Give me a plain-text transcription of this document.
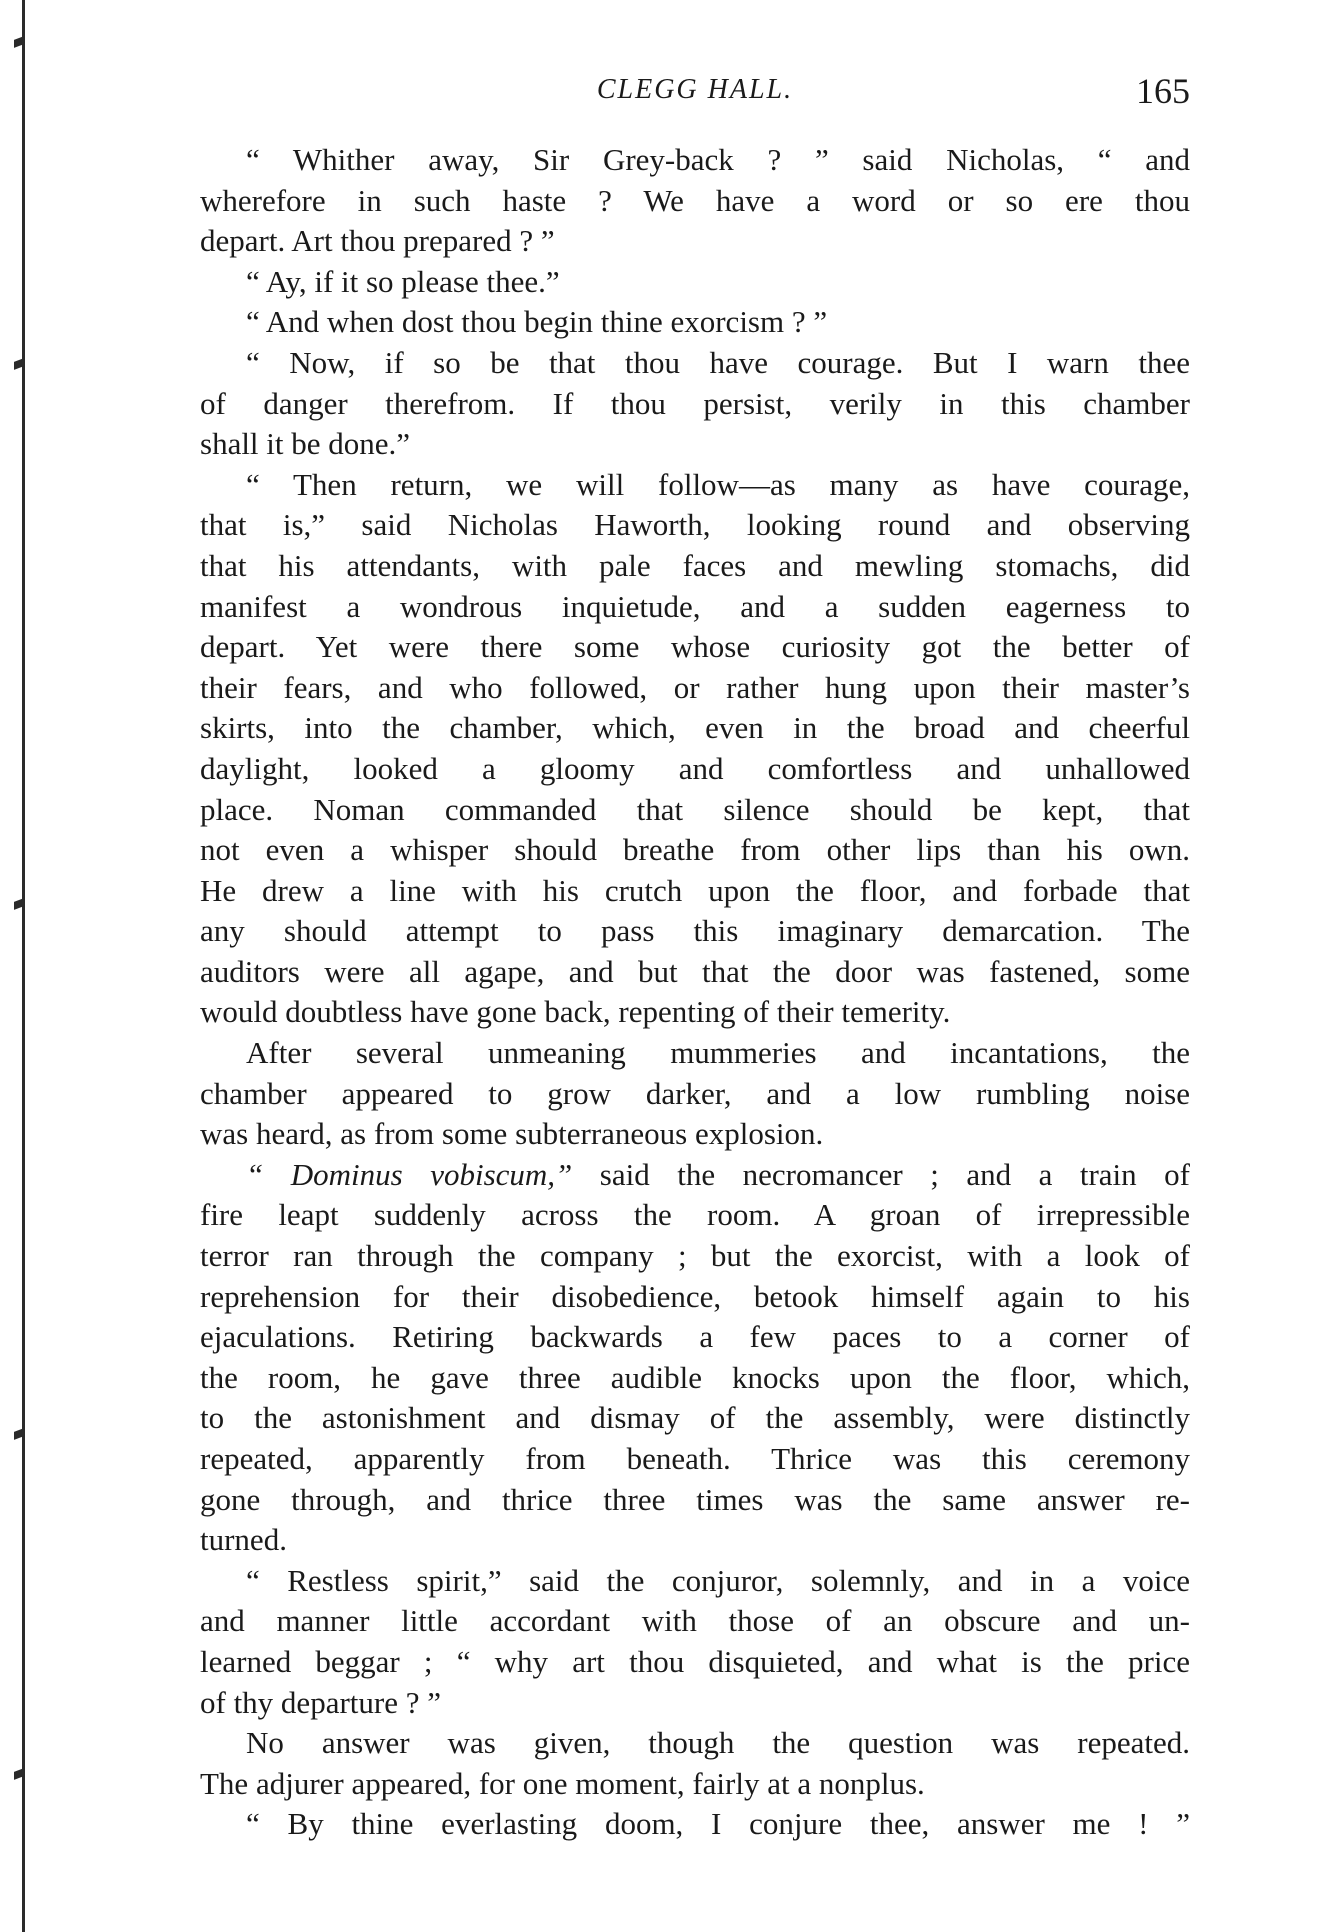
CLEGG HALL.	165
“ Whither away, Sir Grey-back ? ” said Nicholas, “ and
wherefore in such haste ? We have a word or so ere thou
depart. Art thou prepared ? ”
“ Ay, if it so please thee.”
“ And when dost thou begin thine exorcism ? ”
“ Now, if so be that thou have courage. But I warn thee
of danger therefrom. If thou persist, verily in this chamber
shall it be done.”
“ Then return, we will follow—as many as have courage,
that is,” said Nicholas Haworth, looking round and observing
that his attendants, with pale faces and mewling stomachs, did
manifest a wondrous inquietude, and a sudden eagerness to
depart. Yet were there some whose curiosity got the better of
their fears, and who followed, or rather hung upon their master’s
skirts, into the chamber, which, even in the broad and cheerful
daylight, looked a gloomy and comfortless and unhallowed
place. Noman commanded that silence should be kept, that
not even a whisper should breathe from other lips than his own.
He drew a line with his crutch upon the floor, and forbade that
any should attempt to pass this imaginary demarcation. The
auditors were all agape, and but that the door was fastened, some
would doubtless have gone back, repenting of their temerity.
After several unmeaning mummeries and incantations, the
chamber appeared to grow darker, and a low rumbling noise
was heard, as from some subterraneous explosion.
“ Dominus vobiscum,” said the necromancer ; and a train of
fire leapt suddenly across the room. A groan of irrepressible
terror ran through the company ; but the exorcist, with a look of
reprehension for their disobedience, betook himself again to his
ejaculations. Retiring backwards a few paces to a corner of
the room, he gave three audible knocks upon the floor, which,
to the astonishment and dismay of the assembly, were distinctly
repeated, apparently from beneath. Thrice was this ceremony
gone through, and thrice three times was the same answer re-
turned.
“ Restless spirit,” said the conjuror, solemnly, and in a voice
and manner little accordant with those of an obscure and un-
learned beggar ; “ why art thou disquieted, and what is the price
of thy departure ? ”
No answer was given, though the question was repeated.
The adjurer appeared, for one moment, fairly at a nonplus.
“ By thine everlasting doom, I conjure thee, answer me ! ”
